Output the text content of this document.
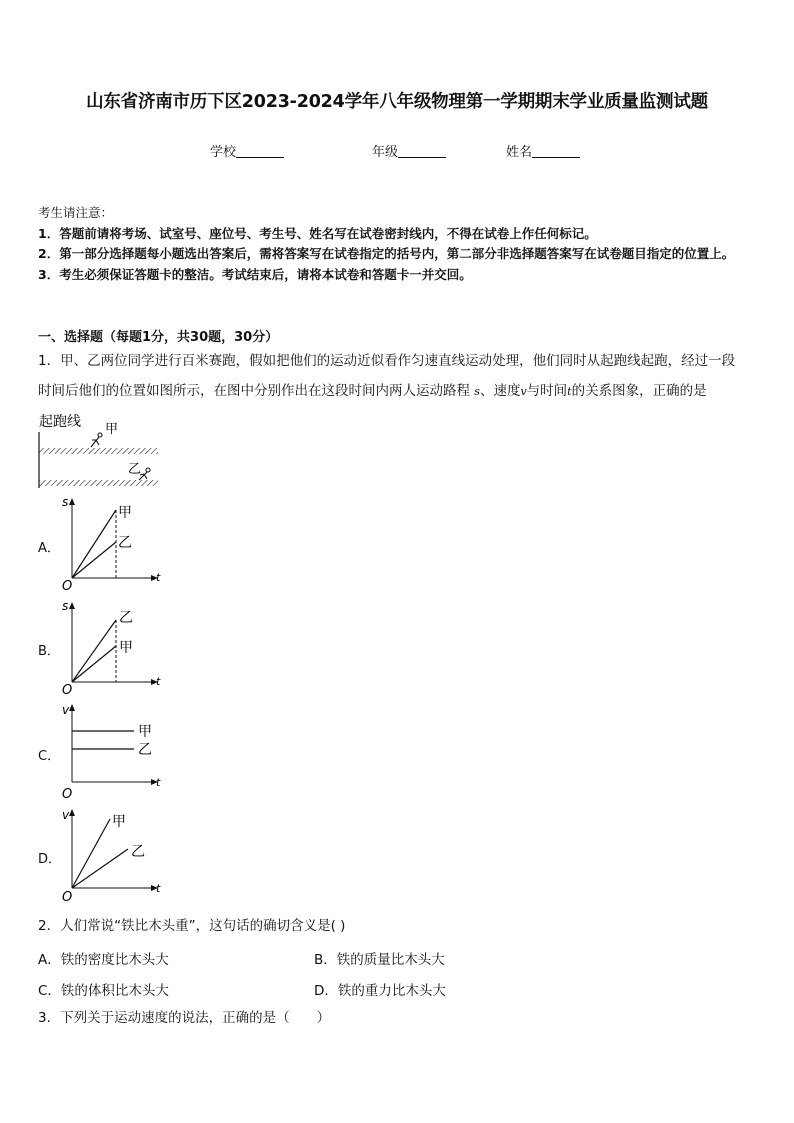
山东省济南市历下区2023-2024学年八年级物理第一学期期末学业质量监测试题
学校	年级	姓名

考生请注意：

1．答题前请将考场、试室号、座位号、考生号、姓名写在试卷密封线内，不得在试卷上作任何标记。

2．第一部分选择题每小题选出答案后，需将答案写在试卷指定的括号内，第二部分非选择题答案写在试卷题目指定的位置上。

3．考生必须保证答题卡的整洁。考试结束后，请将本试卷和答题卡一并交回。

一、选择题（每题1分，共30题，30分）
1．甲、乙两位同学进行百米赛跑，假如把他们的运动近似看作匀速直线运动处理，他们同时从起跑线起跑，经过一段
时间后他们的位置如图所示，在图中分别作出在这段时间内两人运动路程 s、速度v与时间t的关系图象，正确的是
起跑线 甲
乙
A．
s
t
O
甲
乙
B．
s
t
O
乙
甲
C．
v
t
O
甲
乙
D．
v
t
O
甲
乙
2．人们常说“铁比木头重”，这句话的确切含义是( )
A．铁的密度比木头大	B．铁的质量比木头大
C．铁的体积比木头大	D．铁的重力比木头大
3．下列关于运动速度的说法，正确的是（　　）
